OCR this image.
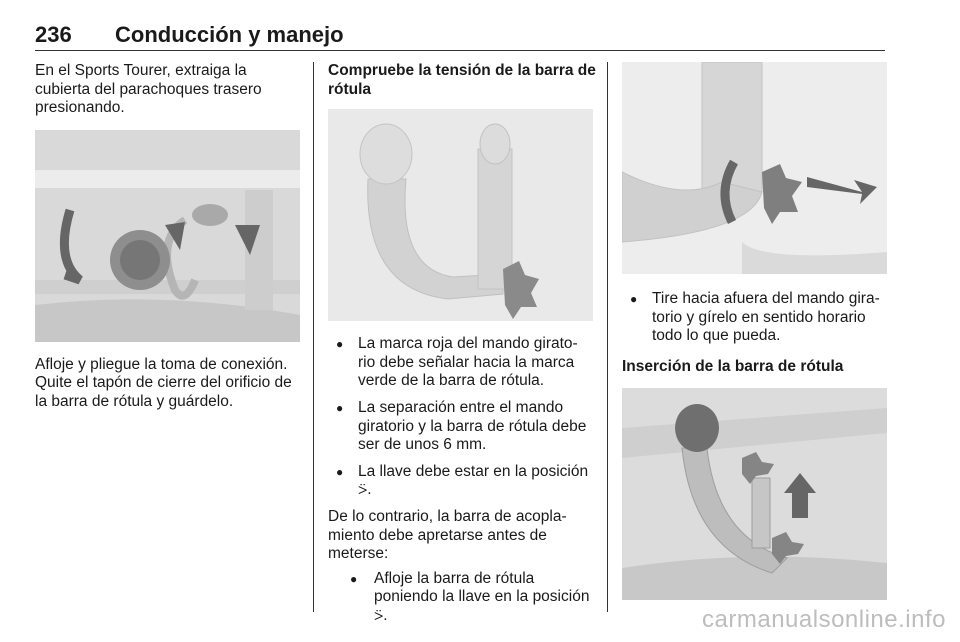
236 Conducción y manejo

En el Sports Tourer, extraiga la cubierta del parachoques trasero presionando.

Afloje y pliegue la toma de conexión. Quite el tapón de cierre del orificio de la barra de rótula y guárdelo.

Compruebe la tensión de la barra de rótula

● La marca roja del mando girato- rio debe señalar hacia la marca verde de la barra de rótula.
● La separación entre el mando giratorio y la barra de rótula debe ser de unos 6 mm.
● La llave debe estar en la posición ⍩.

De lo contrario, la barra de acopla- miento debe apretarse antes de meterse:

● Afloje la barra de rótula poniendo la llave en la posición ⍩.
● Tire hacia afuera del mando gira- torio y gírelo en sentido horario todo lo que pueda.

Inserción de la barra de rótula

carmanualsonline.info
